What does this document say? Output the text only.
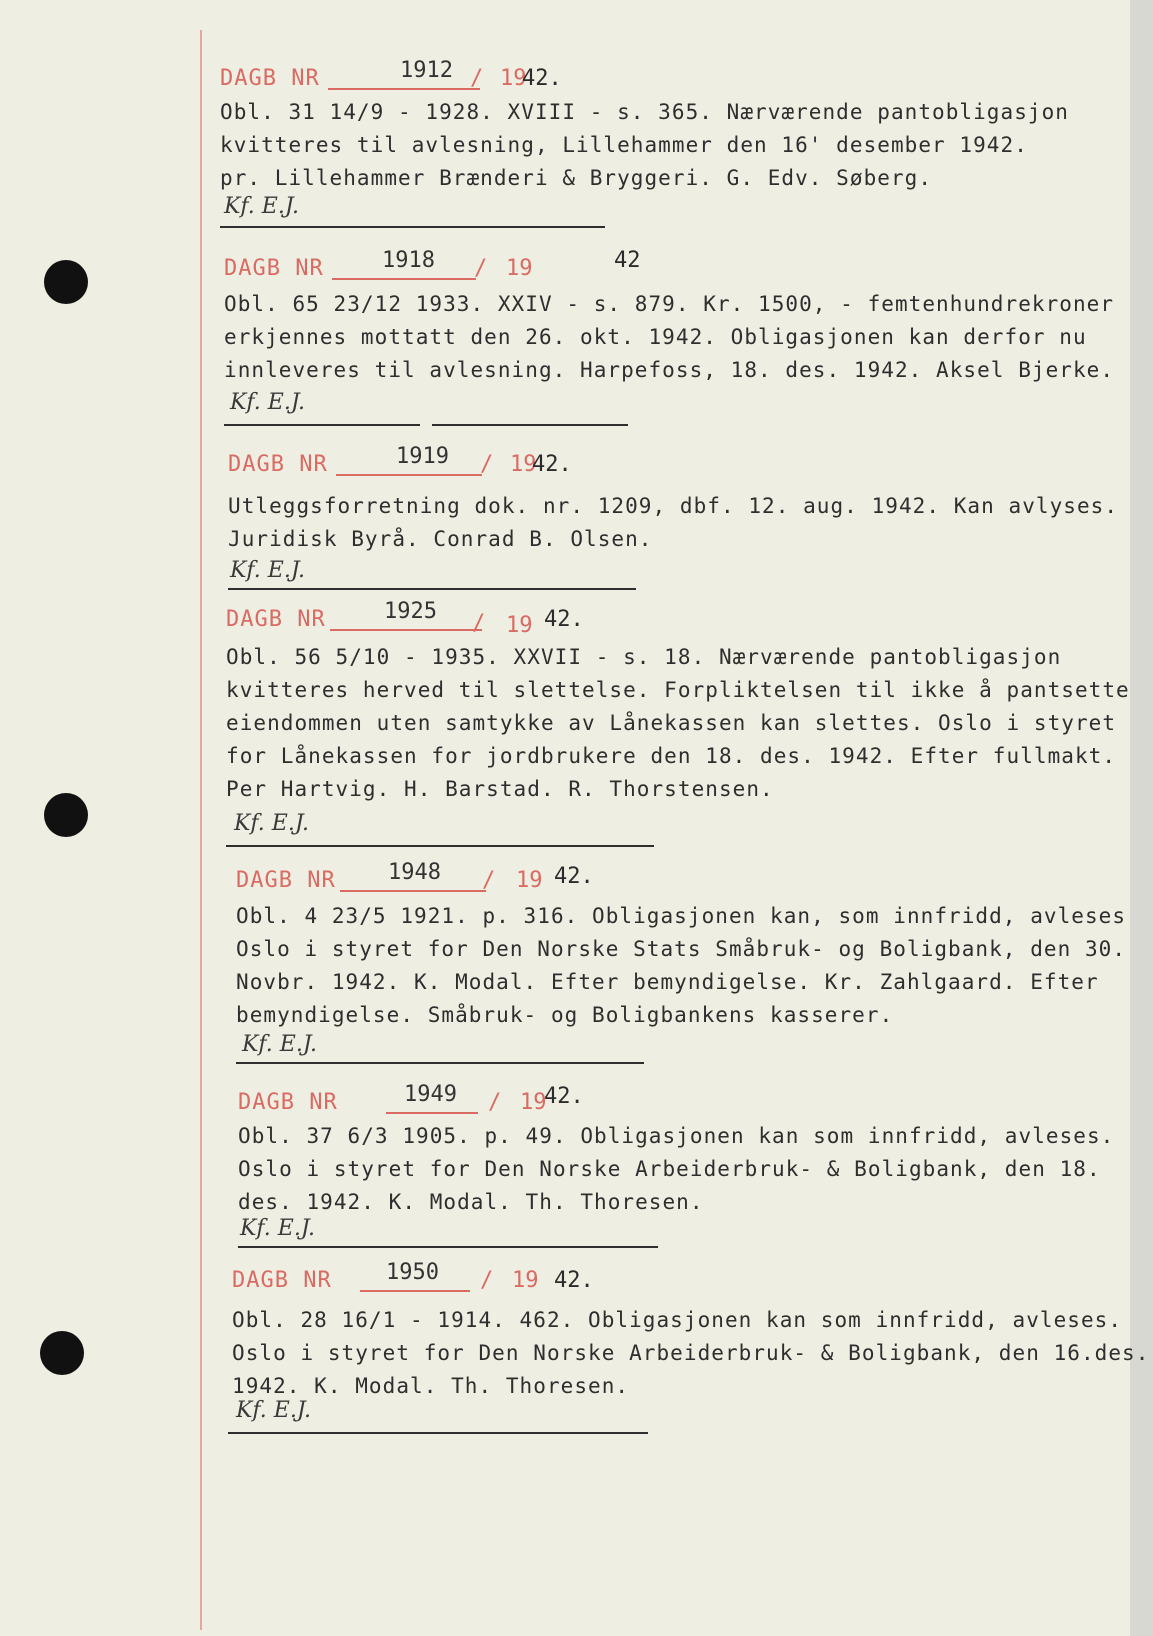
DAGB NR	1912 / 19
42.
Obl. 31 14/9 - 1928. XVIII - s. 365. Nærværende pantobligasjon
kvitteres til avlesning, Lillehammer den 16' desember 1942.
pr. Lillehammer Brænderi & Bryggeri. G. Edv. Søberg.
Kf. E.J.
DAGB NR	1918 / 19	42
Obl. 65 23/12 1933. XXIV - s. 879. Kr. 1500, - femtenhundrekroner
erkjennes mottatt den 26. okt. 1942. Obligasjonen kan derfor nu
innleveres til avlesning. Harpefoss, 18. des. 1942. Aksel Bjerke.
Kf. E.J.
DAGB NR	1919 / 19
42.
Utleggsforretning dok. nr. 1209, dbf. 12. aug. 1942. Kan avlyses.
Juridisk Byrå. Conrad B. Olsen.
Kf. E.J.
DAGB NR	1925 / 19 42.
Obl. 56 5/10 - 1935. XXVII - s. 18. Nærværende pantobligasjon
kvitteres herved til slettelse. Forpliktelsen til ikke å pantsette
eiendommen uten samtykke av Lånekassen kan slettes. Oslo i styret
for Lånekassen for jordbrukere den 18. des. 1942. Efter fullmakt.
Per Hartvig. H. Barstad. R. Thorstensen.
Kf. E.J.
DAGB NR 1948 / 19 42.
Obl. 4 23/5 1921. p. 316. Obligasjonen kan, som innfridd, avleses
Oslo i styret for Den Norske Stats Småbruk- og Boligbank, den 30.
Novbr. 1942. K. Modal. Efter bemyndigelse. Kr. Zahlgaard. Efter
bemyndigelse. Småbruk- og Boligbankens kasserer.
Kf. E.J.
DAGB NR	1949 / 19
42.
Obl. 37 6/3 1905. p. 49. Obligasjonen kan som innfridd, avleses.
Oslo i styret for Den Norske Arbeiderbruk- & Boligbank, den 18.
des. 1942. K. Modal. Th. Thoresen.
Kf. E.J.
DAGB NR 1950 / 19 42.
Obl. 28 16/1 - 1914. 462. Obligasjonen kan som innfridd, avleses.
Oslo i styret for Den Norske Arbeiderbruk- & Boligbank, den 16.des.
1942. K. Modal. Th. Thoresen.
Kf. E.J.
